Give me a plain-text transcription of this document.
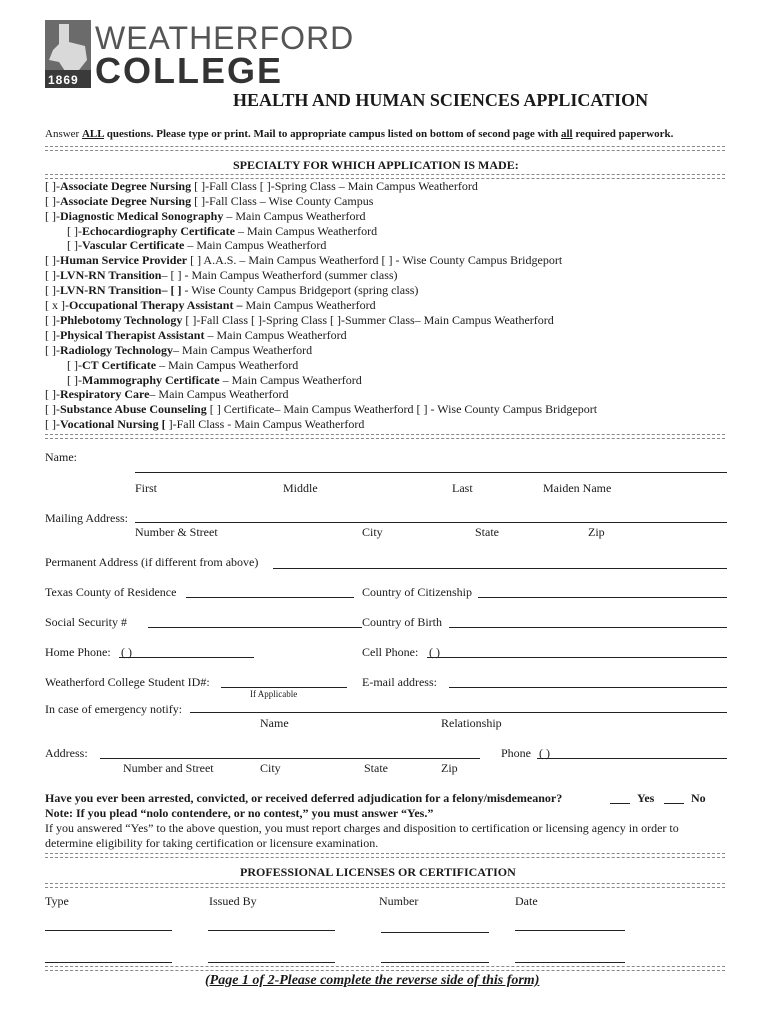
WEATHERFORD
1869 COLLEGE
HEALTH AND HUMAN SCIENCES APPLICATION
Answer ALL questions. Please type or print. Mail to appropriate campus listed on bottom of second page with all required paperwork.
SPECIALTY FOR WHICH APPLICATION IS MADE:
[ ]-Associate Degree Nursing [ ]-Fall Class [ ]-Spring Class – Main Campus Weatherford
[ ]-Associate Degree Nursing [ ]-Fall Class – Wise County Campus
[ ]-Diagnostic Medical Sonography – Main Campus Weatherford
[ ]-Echocardiography Certificate – Main Campus Weatherford
[ ]-Vascular Certificate – Main Campus Weatherford
[ ]-Human Service Provider [ ] A.A.S. – Main Campus Weatherford [ ] - Wise County Campus Bridgeport
[ ]-LVN-RN Transition– [ ] - Main Campus Weatherford (summer class)
[ ]-LVN-RN Transition– [ ] - Wise County Campus Bridgeport (spring class)
[ x ]-Occupational Therapy Assistant – Main Campus Weatherford
[ ]-Phlebotomy Technology [ ]-Fall Class [ ]-Spring Class [ ]-Summer Class– Main Campus Weatherford
[ ]-Physical Therapist Assistant – Main Campus Weatherford
[ ]-Radiology Technology– Main Campus Weatherford
[ ]-CT Certificate – Main Campus Weatherford
[ ]-Mammography Certificate – Main Campus Weatherford
[ ]-Respiratory Care– Main Campus Weatherford
[ ]-Substance Abuse Counseling [ ] Certificate– Main Campus Weatherford [ ] - Wise County Campus Bridgeport
[ ]-Vocational Nursing [ ]-Fall Class - Main Campus Weatherford
Name:
First	Middle	Last	Maiden Name
Mailing Address:
Number & Street	City	State	Zip
Permanent Address (if different from above)
Texas County of Residence	Country of Citizenship
Social Security #	Country of Birth
Home Phone: ( )	Cell Phone: ( )
Weatherford College Student ID#:
If Applicable
E-mail address:
In case of emergency notify:
Name	Relationship
Address:	Phone ( )
Number and Street	City	State	Zip
Have you ever been arrested, convicted, or received deferred adjudication for a felony/misdemeanor?	Yes	No
Note: If you plead “nolo contendere, or no contest,” you must answer “Yes.”
If you answered “Yes” to the above question, you must report charges and disposition to certification or licensing agency in order to
determine eligibility for taking certification or licensure examination.
PROFESSIONAL LICENSES OR CERTIFICATION
Type	Issued By	Number	Date
(Page 1 of 2-Please complete the reverse side of this form)
